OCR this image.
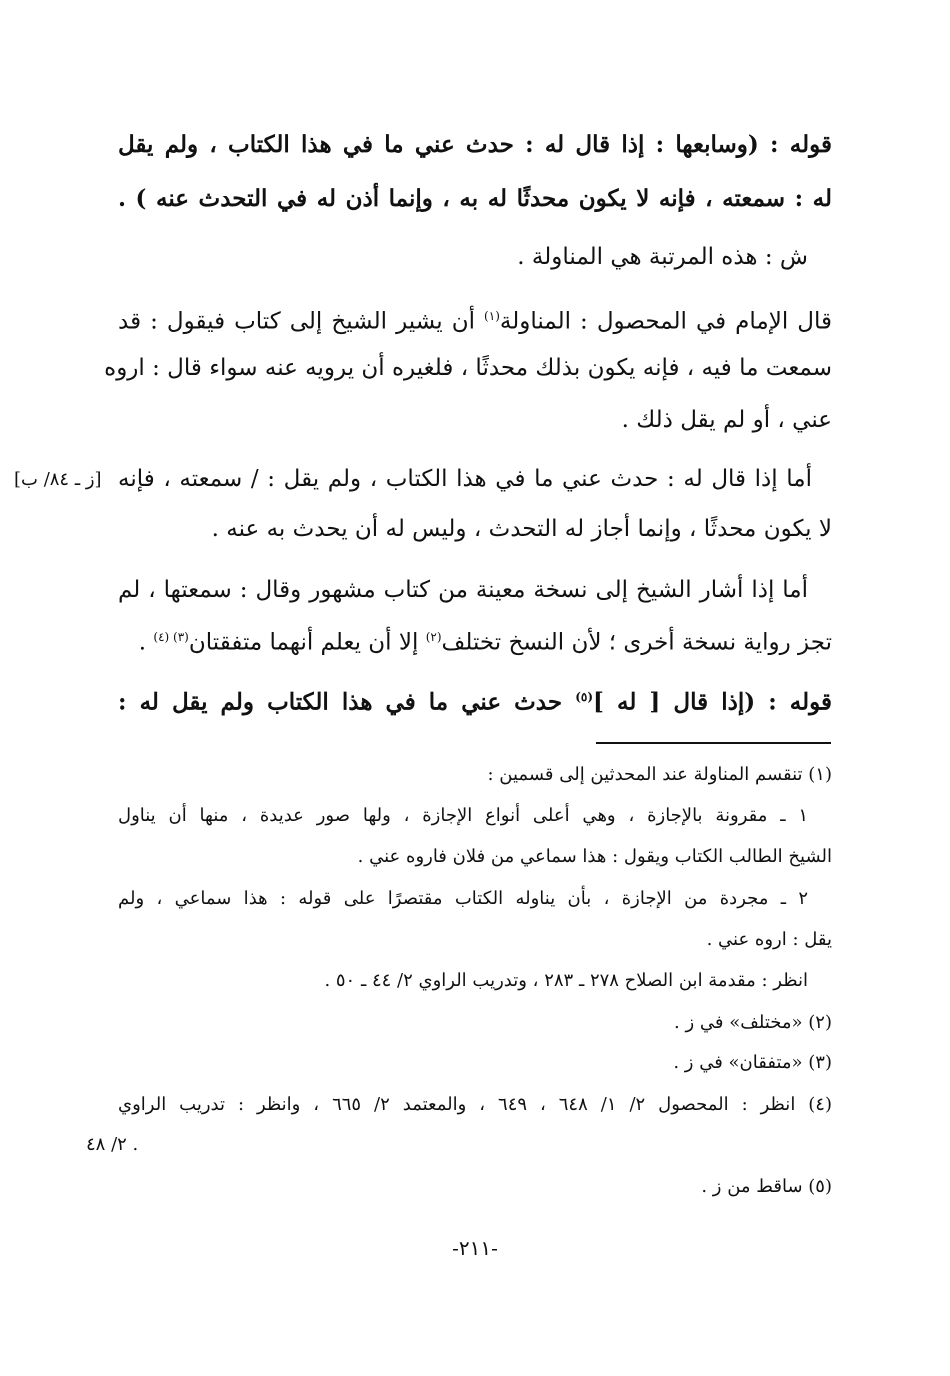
قوله : (وسابعها : إذا قال له : حدث عني ما في هذا الكتاب ، ولم يقل
له : سمعته ، فإنه لا يكون محدثًا له به ، وإنما أذن له في التحدث عنه ) .
ش : هذه المرتبة هي المناولة .
قال الإمام في المحصول : المناولة$^{(١)}$ أن يشير الشيخ إلى كتاب فيقول : قد
سمعت ما فيه ، فإنه يكون بذلك محدثًا ، فلغيره أن يرويه عنه سواء قال : اروه
عني ، أو لم يقل ذلك .
أما إذا قال له : حدث عني ما في هذا الكتاب ، ولم يقل : / سمعته ، فإنه
لا يكون محدثًا ، وإنما أجاز له التحدث ، وليس له أن يحدث به عنه .
[ز ـ ٨٤/ ب]
أما إذا أشار الشيخ إلى نسخة معينة من كتاب مشهور وقال : سمعتها ، لم
تجز رواية نسخة أخرى ؛ لأن النسخ تختلف$^{(٢)}$ إلا أن يعلم أنهما متفقتان$^{(٣) (٤)}$ .
قوله : (إذا قال [ له ]$^{(٥)}$ حدث عني ما في هذا الكتاب ولم يقل له :
(١) تنقسم المناولة عند المحدثين إلى قسمين :
١ ـ مقرونة بالإجازة ، وهي أعلى أنواع الإجازة ، ولها صور عديدة ، منها أن يناول
الشيخ الطالب الكتاب ويقول : هذا سماعي من فلان فاروه عني .
٢ ـ مجردة من الإجازة ، بأن يناوله الكتاب مقتصرًا على قوله : هذا سماعي ، ولم
يقل : اروه عني .
انظر : مقدمة ابن الصلاح ٢٧٨ ـ ٢٨٣ ، وتدريب الراوي ٢/ ٤٤ ـ ٥٠ .
(٢) «مختلف» في ز .
(٣) «متفقان» في ز .
(٤) انظر : المحصول ٢/ ١/ ٦٤٨ ، ٦٤٩ ، والمعتمد ٢/ ٦٦٥ ، وانظر : تدريب الراوي
٢/ ٤٨ .
(٥) ساقط من ز .
-٢١١-
